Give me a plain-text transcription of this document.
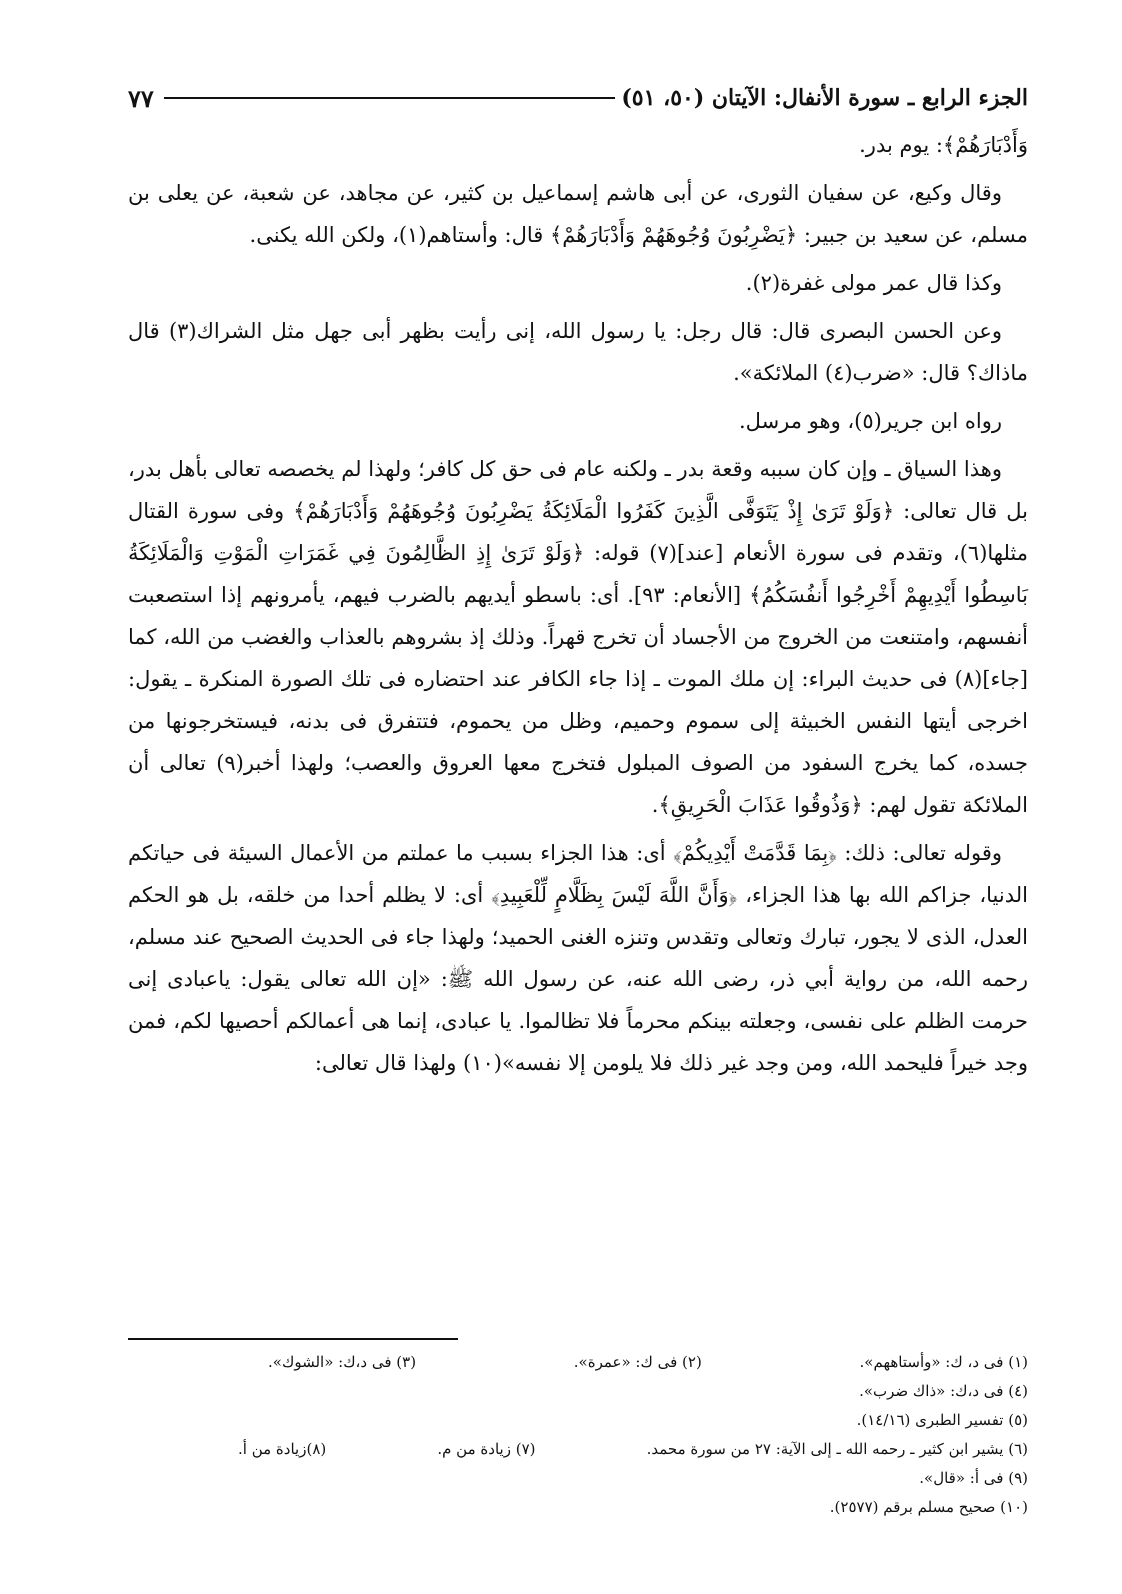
الجزء الرابع ـ سورة الأنفال: الآيتان (٥٠، ٥١)
٧٧

وَأَدْبَارَهُمْ﴾: يوم بدر.

وقال وكيع، عن سفيان الثورى، عن أبى هاشم إسماعيل بن كثير، عن مجاهد، عن شعبة، عن يعلى بن مسلم، عن سعيد بن جبير: ﴿يَضْرِبُونَ وُجُوهَهُمْ وَأَدْبَارَهُمْ﴾ قال: وأستاهم(١)، ولكن الله يكنى.

وكذا قال عمر مولى غفرة(٢).

وعن الحسن البصرى قال: قال رجل: يا رسول الله، إنى رأيت بظهر أبى جهل مثل الشراك(٣) قال ماذاك؟ قال: «ضرب(٤) الملائكة».

رواه ابن جرير(٥)، وهو مرسل.

وهذا السياق ـ وإن كان سببه وقعة بدر ـ ولكنه عام فى حق كل كافر؛ ولهذا لم يخصصه تعالى بأهل بدر، بل قال تعالى: ﴿وَلَوْ تَرَىٰ إِذْ يَتَوَفَّى الَّذِينَ كَفَرُوا الْمَلَائِكَةُ يَضْرِبُونَ وُجُوهَهُمْ وَأَدْبَارَهُمْ﴾ وفى سورة القتال مثلها(٦)، وتقدم فى سورة الأنعام [عند](٧) قوله: ﴿وَلَوْ تَرَىٰ إِذِ الظَّالِمُونَ فِي غَمَرَاتِ الْمَوْتِ وَالْمَلَائِكَةُ بَاسِطُوا أَيْدِيهِمْ أَخْرِجُوا أَنفُسَكُمُ﴾ [الأنعام: ٩٣]. أى: باسطو أيديهم بالضرب فيهم، يأمرونهم إذا استصعبت أنفسهم، وامتنعت من الخروج من الأجساد أن تخرج قهراً. وذلك إذ بشروهم بالعذاب والغضب من الله، كما [جاء](٨) فى حديث البراء: إن ملك الموت ـ إذا جاء الكافر عند احتضاره فى تلك الصورة المنكرة ـ يقول: اخرجى أيتها النفس الخبيثة إلى سموم وحميم، وظل من يحموم، فتتفرق فى بدنه، فيستخرجونها من جسده، كما يخرج السفود من الصوف المبلول فتخرج معها العروق والعصب؛ ولهذا أخبر(٩) تعالى أن الملائكة تقول لهم: ﴿وَذُوقُوا عَذَابَ الْحَرِيقِ﴾.

وقوله تعالى: ذلك: ﴿بِمَا قَدَّمَتْ أَيْدِيكُمْ﴾ أى: هذا الجزاء بسبب ما عملتم من الأعمال السيئة فى حياتكم الدنيا، جزاكم الله بها هذا الجزاء، ﴿وَأَنَّ اللَّهَ لَيْسَ بِظَلَّامٍ لِّلْعَبِيدِ﴾ أى: لا يظلم أحدا من خلقه، بل هو الحكم العدل، الذى لا يجور، تبارك وتعالى وتقدس وتنزه الغنى الحميد؛ ولهذا جاء فى الحديث الصحيح عند مسلم، رحمه الله، من رواية أبي ذر، رضى الله عنه، عن رسول الله ﷺ: «إن الله تعالى يقول: ياعبادى إنى حرمت الظلم على نفسى، وجعلته بينكم محرماً فلا تظالموا. يا عبادى، إنما هى أعمالكم أحصيها لكم، فمن وجد خيراً فليحمد الله، ومن وجد غير ذلك فلا يلومن إلا نفسه»(١٠) ولهذا قال تعالى:

(١) فى د، ك: «وأستاههم».
(٢) فى ك: «عمرة».
(٣) فى د،ك: «الشوك».
(٤) فى د،ك: «ذاك ضرب».
(٥) تفسير الطبرى (١٤/١٦).
(٦) يشير ابن كثير ـ رحمه الله ـ إلى الآية: ٢٧ من سورة محمد.
(٧) زيادة من م.
(٨)زيادة من أ.
(٩) فى أ: «قال».
(١٠) صحيح مسلم برقم (٢٥٧٧).
